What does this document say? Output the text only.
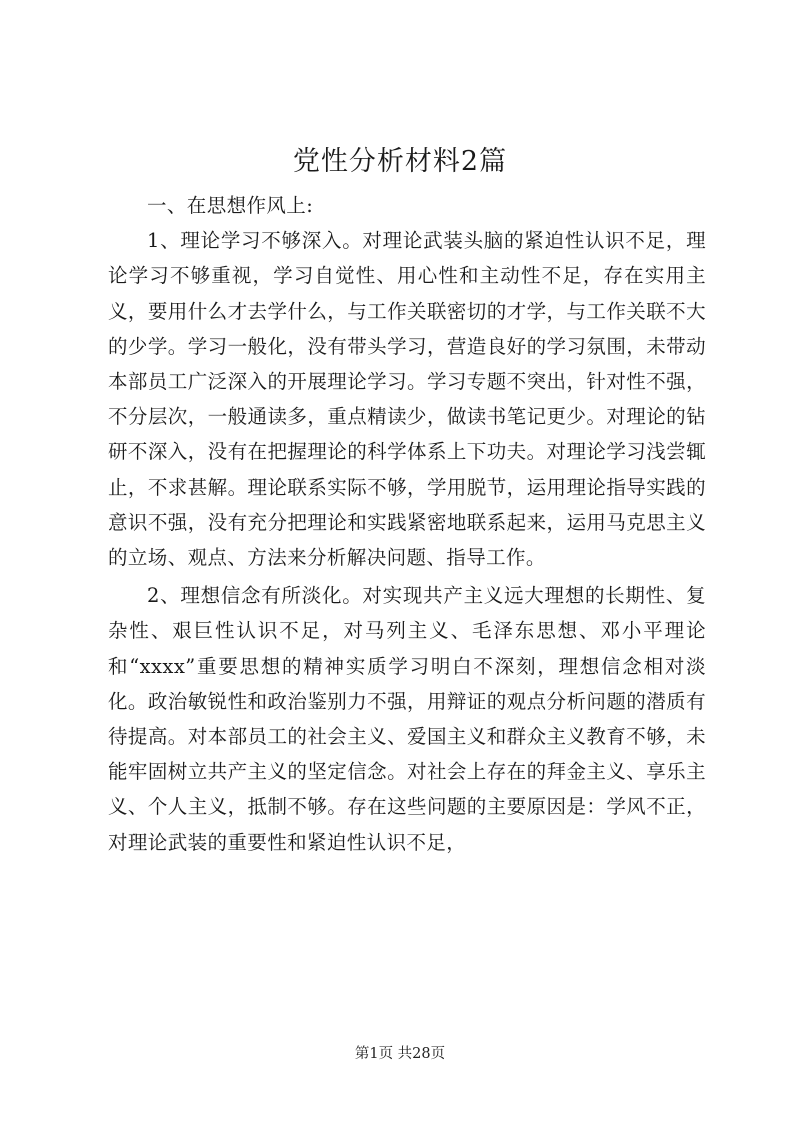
党性分析材料2篇

一、在思想作风上:

1、理论学习不够深入。对理论武装头脑的紧迫性认识不足，理论学习不够重视，学习自觉性、用心性和主动性不足，存在实用主义，要用什么才去学什么，与工作关联密切的才学，与工作关联不大的少学。学习一般化，没有带头学习，营造良好的学习氛围，未带动本部员工广泛深入的开展理论学习。学习专题不突出，针对性不强，不分层次，一般通读多，重点精读少，做读书笔记更少。对理论的钻研不深入，没有在把握理论的科学体系上下功夫。对理论学习浅尝辄止，不求甚解。理论联系实际不够，学用脱节，运用理论指导实践的意识不强，没有充分把理论和实践紧密地联系起来，运用马克思主义的立场、观点、方法来分析解决问题、指导工作。

2、理想信念有所淡化。对实现共产主义远大理想的长期性、复杂性、艰巨性认识不足，对马列主义、毛泽东思想、邓小平理论和“xxxx”重要思想的精神实质学习明白不深刻，理想信念相对淡化。政治敏锐性和政治鉴别力不强，用辩证的观点分析问题的潜质有待提高。对本部员工的社会主义、爱国主义和群众主义教育不够，未能牢固树立共产主义的坚定信念。对社会上存在的拜金主义、享乐主义、个人主义，抵制不够。存在这些问题的主要原因是：学风不正，对理论武装的重要性和紧迫性认识不足，

第1页 共28页
